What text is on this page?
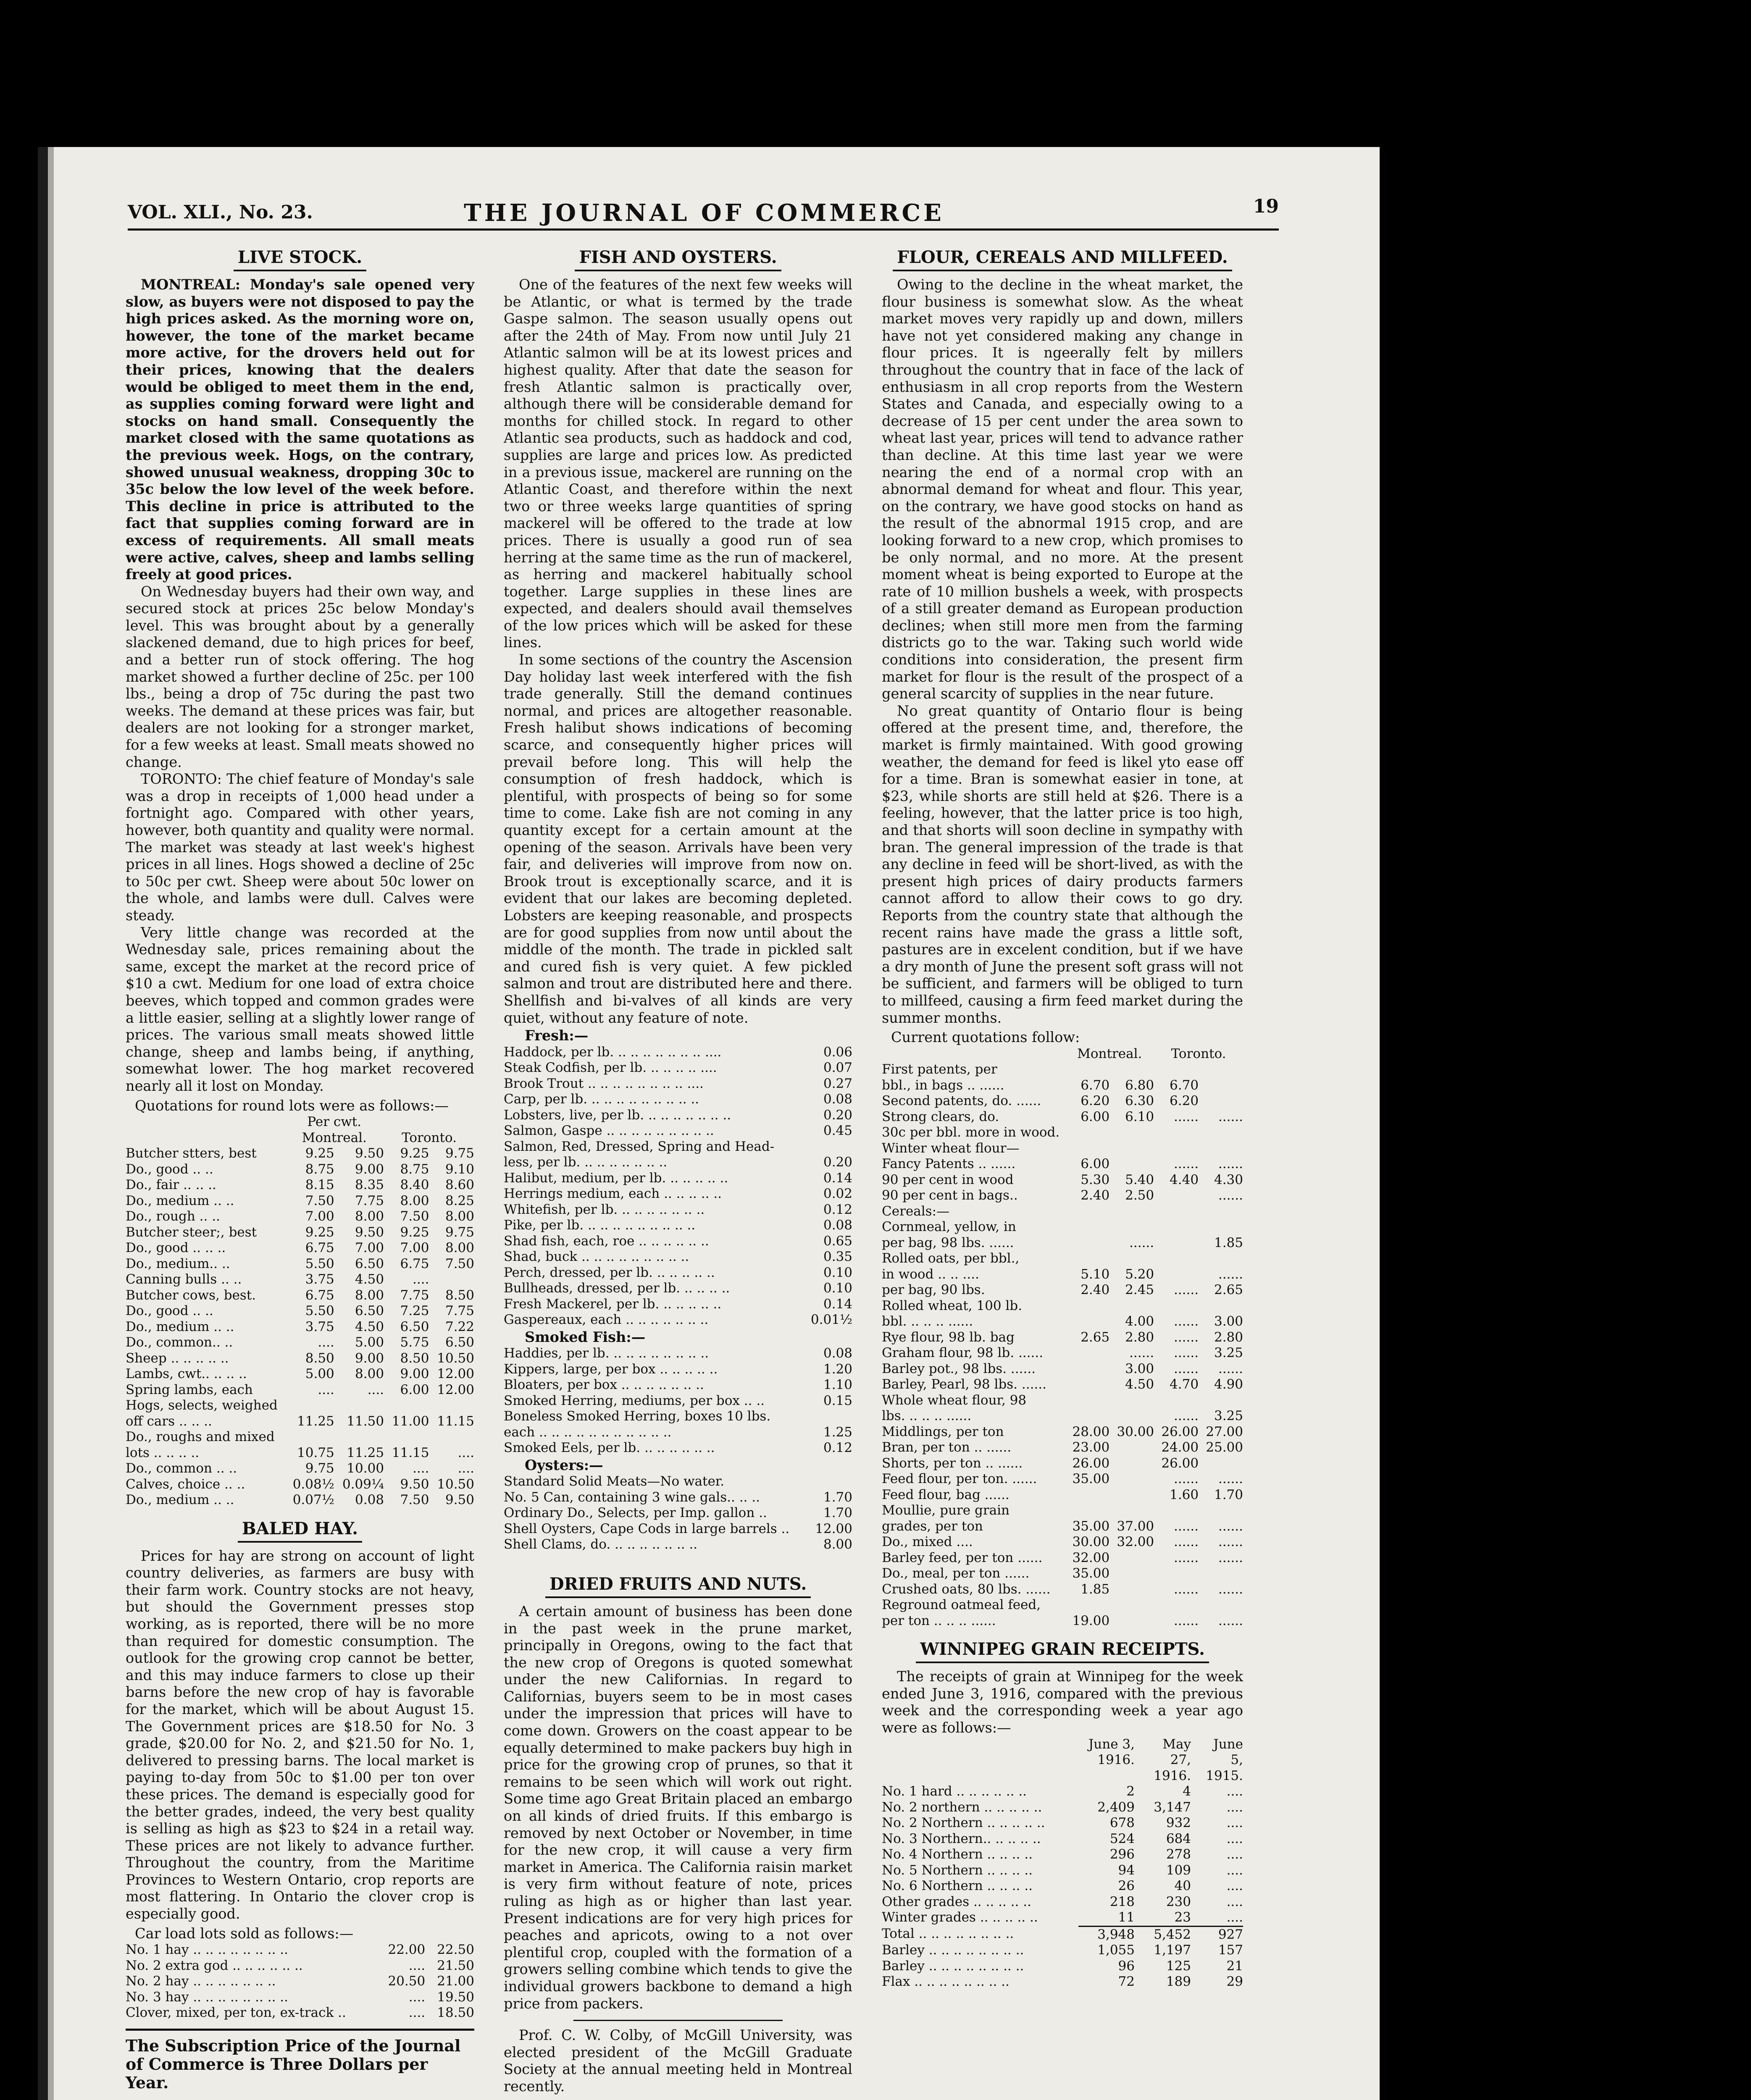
VOL. XLI., No. 23.	THE JOURNAL OF COMMERCE	19
LIVE STOCK.

MONTREAL: Monday's sale opened very slow, as buyers were not disposed to pay the high prices asked. As the morning wore on, however, the tone of the market became more active, for the drovers held out for their prices, knowing that the dealers would be obliged to meet them in the end, as supplies coming forward were light and stocks on hand small. Consequently the market closed with the same quotations as the previous week. Hogs, on the contrary, showed unusual weakness, dropping 30c to 35c below the low level of the week before. This decline in price is attributed to the fact that supplies coming forward are in excess of requirements. All small meats were active, calves, sheep and lambs selling freely at good prices.

On Wednesday buyers had their own way, and secured stock at prices 25c below Monday's level. This was brought about by a generally slackened demand, due to high prices for beef, and a better run of stock offering. The hog market showed a further decline of 25c. per 100 lbs., being a drop of 75c during the past two weeks. The demand at these prices was fair, but dealers are not looking for a stronger market, for a few weeks at least. Small meats showed no change.

TORONTO: The chief feature of Monday's sale was a drop in receipts of 1,000 head under a fortnight ago. Compared with other years, however, both quantity and quality were normal. The market was steady at last week's highest prices in all lines. Hogs showed a decline of 25c to 50c per cwt. Sheep were about 50c lower on the whole, and lambs were dull. Calves were steady.

Very little change was recorded at the Wednesday sale, prices remaining about the same, except the market at the record price of $10 a cwt. Medium for one load of extra choice beeves, which topped and common grades were a little easier, selling at a slightly lower range of prices. The various small meats showed little change, sheep and lambs being, if anything, somewhat lower. The hog market recovered nearly all it lost on Monday.

Quotations for round lots were as follows:—
	Per cwt.			
	Montreal.		Toronto.	
Butcher stters, best	9.25	9.50	9.25	9.75
Do., good .. ..	8.75	9.00	8.75	9.10
Do., fair .. .. ..	8.15	8.35	8.40	8.60
Do., medium .. ..	7.50	7.75	8.00	8.25
Do., rough .. ..	7.00	8.00	7.50	8.00
Butcher steer;, best	9.25	9.50	9.25	9.75
Do., good .. .. ..	6.75	7.00	7.00	8.00
Do., medium.. ..	5.50	6.50	6.75	7.50
Canning bulls .. ..	3.75	4.50	....	
Butcher cows, best.	6.75	8.00	7.75	8.50
Do., good .. ..	5.50	6.50	7.25	7.75
Do., medium .. ..	3.75	4.50	6.50	7.22
Do., common.. ..	....	5.00	5.75	6.50
Sheep .. .. .. .. ..	8.50	9.00	8.50	10.50
Lambs, cwt.. .. .. ..	5.00	8.00	9.00	12.00
Spring lambs, each	....	....	6.00	12.00
Hogs, selects, weighed				
off cars .. .. ..	11.25	11.50	11.00	11.15
Do., roughs and mixed				
lots .. .. .. ..	10.75	11.25	11.15	....
Do., common .. ..	9.75	10.00	....	....
Calves, choice .. ..	0.08½	0.09¼	9.50	10.50
Do., medium .. ..	0.07½	0.08	7.50	9.50
BALED HAY.

Prices for hay are strong on account of light country deliveries, as farmers are busy with their farm work. Country stocks are not heavy, but should the Government presses stop working, as is reported, there will be no more than required for domestic consumption. The outlook for the growing crop cannot be better, and this may induce farmers to close up their barns before the new crop of hay is favorable for the market, which will be about August 15. The Government prices are $18.50 for No. 3 grade, $20.00 for No. 2, and $21.50 for No. 1, delivered to pressing barns. The local market is paying to-day from 50c to $1.00 per ton over these prices. The demand is especially good for the better grades, indeed, the very best quality is selling as high as $23 to $24 in a retail way. These prices are not likely to advance further. Throughout the country, from the Maritime Provinces to Western Ontario, crop reports are most flattering. In Ontario the clover crop is especially good.

Car load lots sold as follows:—
No. 1 hay .. .. .. .. .. .. .. ..	22.00	22.50
No. 2 extra god .. .. .. .. .. ..	....	21.50
No. 2 hay .. .. .. .. .. .. ..	20.50	21.00
No. 3 hay .. .. .. .. .. .. .. ..	....	19.50
Clover, mixed, per ton, ex-track ..	....	18.50
The Subscription Price of the Journal of Commerce is Three Dollars per Year.
FISH AND OYSTERS.

One of the features of the next few weeks will be Atlantic, or what is termed by the trade Gaspe salmon. The season usually opens out after the 24th of May. From now until July 21 Atlantic salmon will be at its lowest prices and highest quality. After that date the season for fresh Atlantic salmon is practically over, although there will be considerable demand for months for chilled stock. In regard to other Atlantic sea products, such as haddock and cod, supplies are large and prices low. As predicted in a previous issue, mackerel are running on the Atlantic Coast, and therefore within the next two or three weeks large quantities of spring mackerel will be offered to the trade at low prices. There is usually a good run of sea herring at the same time as the run of mackerel, as herring and mackerel habitually school together. Large supplies in these lines are expected, and dealers should avail themselves of the low prices which will be asked for these lines.

In some sections of the country the Ascension Day holiday last week interfered with the fish trade generally. Still the demand continues normal, and prices are altogether reasonable. Fresh halibut shows indications of becoming scarce, and consequently higher prices will prevail before long. This will help the consumption of fresh haddock, which is plentiful, with prospects of being so for some time to come. Lake fish are not coming in any quantity except for a certain amount at the opening of the season. Arrivals have been very fair, and deliveries will improve from now on. Brook trout is exceptionally scarce, and it is evident that our lakes are becoming depleted. Lobsters are keeping reasonable, and prospects are for good supplies from now until about the middle of the month. The trade in pickled salt and cured fish is very quiet. A few pickled salmon and trout are distributed here and there. Shellfish and bi-valves of all kinds are very quiet, without any feature of note.

Fresh:—
Haddock, per lb. .. .. .. .. .. .. .. ....	0.06
Steak Codfish, per lb. .. .. .. .. ....	0.07
Brook Trout .. .. .. .. .. .. .. .. ....	0.27
Carp, per lb. .. .. .. .. .. .. .. .. ..	0.08
Lobsters, live, per lb. .. .. .. .. .. .. ..	0.20
Salmon, Gaspe .. .. .. .. .. .. .. .. ..	0.45
Salmon, Red, Dressed, Spring and Head-	
less, per lb. .. .. .. .. .. .. ..	0.20
Halibut, medium, per lb. .. .. .. .. ..	0.14
Herrings medium, each .. .. .. .. ..	0.02
Whitefish, per lb. .. .. .. .. .. .. ..	0.12
Pike, per lb. .. .. .. .. .. .. .. .. ..	0.08
Shad fish, each, roe .. .. .. .. .. ..	0.65
Shad, buck .. .. .. .. .. .. .. .. ..	0.35
Perch, dressed, per lb. .. .. .. .. ..	0.10
Bullheads, dressed, per lb. .. .. .. ..	0.10
Fresh Mackerel, per lb. .. .. .. .. ..	0.14
Gaspereaux, each .. .. .. .. .. .. ..	0.01½
Smoked Fish:—
Haddies, per lb. .. .. .. .. .. .. .. ..	0.08
Kippers, large, per box .. .. .. .. ..	1.20
Bloaters, per box .. .. .. .. .. .. ..	1.10
Smoked Herring, mediums, per box .. ..	0.15
Boneless Smoked Herring, boxes 10 lbs.	
each .. .. .. .. .. .. .. .. .. .. ..	1.25
Smoked Eels, per lb. .. .. .. .. .. ..	0.12
Oysters:—
Standard Solid Meats—No water.	
No. 5 Can, containing 3 wine gals.. .. ..	1.70
Ordinary Do., Selects, per Imp. gallon ..	1.70
Shell Oysters, Cape Cods in large barrels ..	12.00
Shell Clams, do. .. .. .. .. .. .. ..	8.00
DRIED FRUITS AND NUTS.

A certain amount of business has been done in the past week in the prune market, principally in Oregons, owing to the fact that the new crop of Oregons is quoted somewhat under the new Californias. In regard to Californias, buyers seem to be in most cases under the impression that prices will have to come down. Growers on the coast appear to be equally determined to make packers buy high in price for the growing crop of prunes, so that it remains to be seen which will work out right. Some time ago Great Britain placed an embargo on all kinds of dried fruits. If this embargo is removed by next October or November, in time for the new crop, it will cause a very firm market in America. The California raisin market is very firm without feature of note, prices ruling as high as or higher than last year. Present indications are for very high prices for peaches and apricots, owing to a not over plentiful crop, coupled with the formation of a growers selling combine which tends to give the individual growers backbone to demand a high price from packers.

Prof. C. W. Colby, of McGill University, was elected president of the McGill Graduate Society at the annual meeting held in Montreal recently.

FLOUR, CEREALS AND MILLFEED.

Owing to the decline in the wheat market, the flour business is somewhat slow. As the wheat market moves very rapidly up and down, millers have not yet considered making any change in flour prices. It is ngeerally felt by millers throughout the country that in face of the lack of enthusiasm in all crop reports from the Western States and Canada, and especially owing to a decrease of 15 per cent under the area sown to wheat last year, prices will tend to advance rather than decline. At this time last year we were nearing the end of a normal crop with an abnormal demand for wheat and flour. This year, on the contrary, we have good stocks on hand as the result of the abnormal 1915 crop, and are looking forward to a new crop, which promises to be only normal, and no more. At the present moment wheat is being exported to Europe at the rate of 10 million bushels a week, with prospects of a still greater demand as European production declines; when still more men from the farming districts go to the war. Taking such world wide conditions into consideration, the present firm market for flour is the result of the prospect of a general scarcity of supplies in the near future.

No great quantity of Ontario flour is being offered at the present time, and, therefore, the market is firmly maintained. With good growing weather, the demand for feed is likel yto ease off for a time. Bran is somewhat easier in tone, at $23, while shorts are still held at $26. There is a feeling, however, that the latter price is too high, and that shorts will soon decline in sympathy with bran. The general impression of the trade is that any decline in feed will be short-lived, as with the present high prices of dairy products farmers cannot afford to allow their cows to go dry. Reports from the country state that although the recent rains have made the grass a little soft, pastures are in excelent condition, but if we have a dry month of June the present soft grass will not be sufficient, and farmers will be obliged to turn to millfeed, causing a firm feed market during the summer months.

Current quotations follow:
	Montreal.		Toronto.	
First patents, per				
bbl., in bags .. ......	6.70	6.80	6.70	
Second patents, do. ......	6.20	6.30	6.20	
Strong clears, do.	6.00	6.10	......	......
30c per bbl. more in wood.				
Winter wheat flour—				
Fancy Patents .. ......	6.00		......	......
90 per cent in wood	5.30	5.40	4.40	4.30
90 per cent in bags..	2.40	2.50		......
Cereals:—				
Cornmeal, yellow, in				
per bag, 98 lbs. ......		......		1.85
Rolled oats, per bbl.,				
in wood .. .. ....	5.10	5.20		......
per bag, 90 lbs.	2.40	2.45	......	2.65
Rolled wheat, 100 lb.				
bbl. .. .. .. ......		4.00	......	3.00
Rye flour, 98 lb. bag	2.65	2.80	......	2.80
Graham flour, 98 lb. ......		......	......	3.25
Barley pot., 98 lbs. ......		3.00	......	......
Barley, Pearl, 98 lbs. ......		4.50	4.70	4.90
Whole wheat flour, 98				
lbs. .. .. .. ......			......	3.25
Middlings, per ton	28.00	30.00	26.00	27.00
Bran, per ton .. ......	23.00		24.00	25.00
Shorts, per ton .. ......	26.00		26.00	
Feed flour, per ton. ......	35.00		......	......
Feed flour, bag ......			1.60	1.70
Moullie, pure grain				
grades, per ton	35.00	37.00	......	......
Do., mixed ....	30.00	32.00	......	......
Barley feed, per ton ......	32.00		......	......
Do., meal, per ton ......	35.00			
Crushed oats, 80 lbs. ......	1.85		......	......
Reground oatmeal feed,				
per ton .. .. .. ......	19.00		......	......
WINNIPEG GRAIN RECEIPTS.

The receipts of grain at Winnipeg for the week ended June 3, 1916, compared with the previous week and the corresponding week a year ago were as follows:—

	June 3, 1916.	May 27, 1916.	June 5, 1915.
No. 1 hard .. .. .. .. .. ..	2	4	....
No. 2 northern .. .. .. .. ..	2,409	3,147	....
No. 2 Northern .. .. .. .. ..	678	932	....
No. 3 Northern.. .. .. .. ..	524	684	....
No. 4 Northern .. .. .. ..	296	278	....
No. 5 Northern .. .. .. ..	94	109	....
No. 6 Northern .. .. .. ..	26	40	....
Other grades .. .. .. .. ..	218	230	....
Winter grades .. .. .. .. ..	11	23	....
Total .. .. .. .. .. .. .. ..	3,948	5,452	927
Barley .. .. .. .. .. .. .. ..	1,055	1,197	157
Barley .. .. .. .. .. .. .. ..	96	125	21
Flax .. .. .. .. .. .. .. ..	72	189	29
